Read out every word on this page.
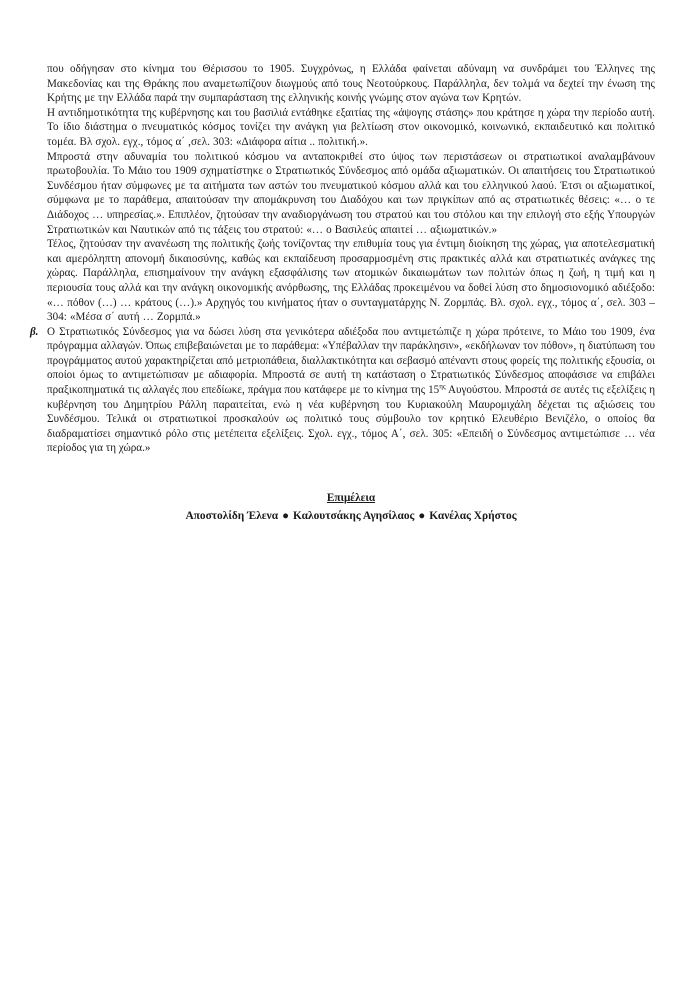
που οδήγησαν στο κίνημα του Θέρισσου το 1905. Συγχρόνως, η Ελλάδα φαίνεται αδύναμη να συνδράμει του Έλληνες της Μακεδονίας και της Θράκης που αναμετωπίζουν διωγμούς από τους Νεοτούρκους. Παράλληλα, δεν τολμά να δεχtεί την ένωση της Κρήτης με την Ελλάδα παρά την συμπαράσταση της ελληνικής κοινής γνώμης στον αγώνα των Κρητών.

Η αντιδημοτικότητα της κυβέρνησης και του βασιλιά εντάθηκε εξαιτίας της «άψογης στάσης» που κράτησε η χώρα την περίοδο αυτή. Το ίδιο διάστημα ο πνευματικός κόσμος τονίζει την ανάγκη για βελτίωση στον οικονομικό, κοινωνικό, εκπαιδευτικό και πολιτικό τομέα. Βλ σχολ. εγχ., τόμος α΄ ,σελ. 303: «Διάφορα αίτια .. πολιτική.».

Μπροστά στην αδυναμία του πολιτικού κόσμου να ανταποκριθεί στο ύψος των περιστάσεων οι στρατιωτικοί αναλαμβάνουν πρωτοβουλία. Το Μάιο του 1909 σχηματίστηκε ο Στρατιωτικός Σύνδεσμος από ομάδα αξιωματικών. Οι απαιτήσεις του Στρατιωτικού Συνδέσμου ήταν σύμφωνες με τα αιτήματα των αστών του πνευματικού κόσμου αλλά και του ελληνικού λαού. Έτσι οι αξιωματικοί, σύμφωνα με το παράθεμα, απαιτούσαν την απομάκρυνση του Διαδόχου και των πριγκίπων από ας στρατιωτικές θέσεις: «… ο τε Διάδοχος … υπηρεσίας.». Επιπλέον, ζητούσαν την αναδιοργάνωση του στρατού και του στόλου και την επιλογή στο εξής Υπουργών Στρατιωτικών και Ναυτικών από τις τάξεις του στρατού: «… ο Βασιλεύς απαιτεί … αξιωματικών.»

Τέλος, ζητούσαν την ανανέωση της πολιτικής ζωής τονίζοντας την επιθυμία τους για έντιμη διοίκηση της χώρας, για αποτελεσματική και αμερόληπτη απονομή δικαιοσύνης, καθώς και εκπαίδευση προσαρμοσμένη στις πρακτικές αλλά και στρατιωτικές ανάγκες της χώρας. Παράλληλα, επισημαίνουν την ανάγκη εξασφάλισης των ατομικών δικαιωμάτων των πολιτών όπως η ζωή, η τιμή και η περιουσία τους αλλά και την ανάγκη οικονομικής ανόρθωσης, της Ελλάδας προκειμένου να δοθεί λύση στο δημοσιονομικό αδιέξοδο: «… πόθον (…) … κράτους (…).» Αρχηγός του κινήματος ήταν ο συνταγματάρχης Ν. Ζορμπάς. Βλ. σχολ. εγχ., τόμος α΄, σελ. 303 – 304: «Μέσα σ΄ αυτή … Ζορμπά.»

β. Ο Στρατιωτικός Σύνδεσμος για να δώσει λύση στα γενικότερα αδιέξοδα που αντιμετώπιζε η χώρα πρότεινε, το Μάιο του 1909, ένα πρόγραμμα αλλαγών. Όπως επιβεβαιώνεται με το παράθεμα: «Υπέβαλλαν την παράκλησιν», «εκδήλωναν τον πόθον», η διατύπωση του προγράμματος αυτού χαρακτηρίζεται από μετριοπάθεια, διαλλακτικότητα και σεβασμό απέναντι στους φορείς της πολιτικής εξουσία, οι οποίοι όμως το αντιμετώπισαν με αδιαφορία. Μπροστά σε αυτή τη κατάσταση ο Στρατιωτικός Σύνδεσμος αποφάσισε να επιβάλει πραξικοπηματικά τις αλλαγές που επεδίωκε, πράγμα που κατάφερε με το κίνημα της $15^{\eta\varsigma}$ Αυγούστου. Μπροστά σε αυτές τις εξελίξεις η κυβέρνηση του Δημητρίου Ράλλη παραιτείται, ενώ η νέα κυβέρνηση του Κυριακούλη Μαυρομιχάλη δέχεται τις αξιώσεις του Συνδέσμου. Τελικά οι στρατιωτικοί προσκαλούν ως πολιτικό τους σύμβουλο τον κρητικό Ελευθέριο Βενιζέλο, ο οποίος θα διαδραματίσει σημαντικό ρόλο στις μετέπειτα εξελίξεις. Σχολ. εγχ., τόμος Α΄, σελ. 305: «Επειδή ο Σύνδεσμος αντιμετώπισε … νέα περίοδος για τη χώρα.»

Επιμέλεια
Αποστολίδη Έλενα ● Καλουτσάκης Αγησίλαος ● Κανέλας Χρήστος
